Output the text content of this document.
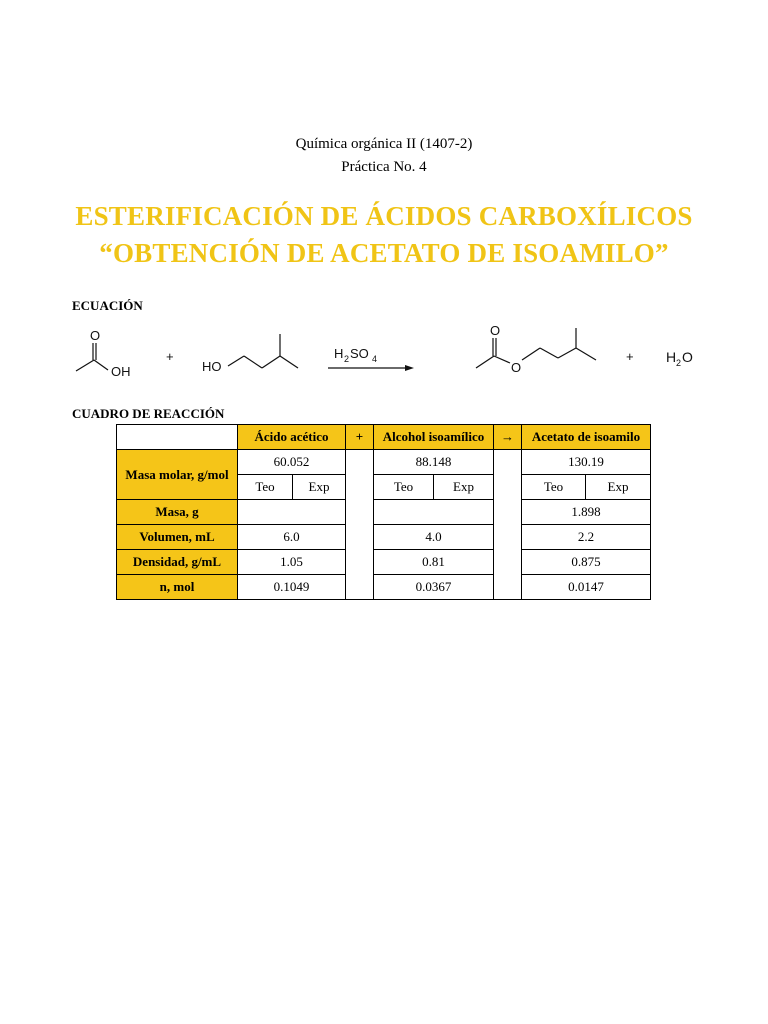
Química orgánica II (1407-2)
Práctica No. 4
ESTERIFICACIÓN DE ÁCIDOS CARBOXÍLICOS
“OBTENCIÓN DE ACETATO DE ISOAMILO”
ECUACIÓN
O
OH
+
HO
H 2 SO 4
O
O
+ H 2 O
CUADRO DE REACCIÓN
	Ácido acético		+	Alcohol isoamílico		→	Acetato de isoamilo	
Masa molar, g/mol	60.052			88.148			130.19	
	Teo	Exp		Teo	Exp		Teo	Exp
Masa, g							1.898	
Volumen, mL	6.0			4.0			2.2	
Densidad, g/mL	1.05			0.81			0.875	
n, mol	0.1049			0.0367			0.0147	
